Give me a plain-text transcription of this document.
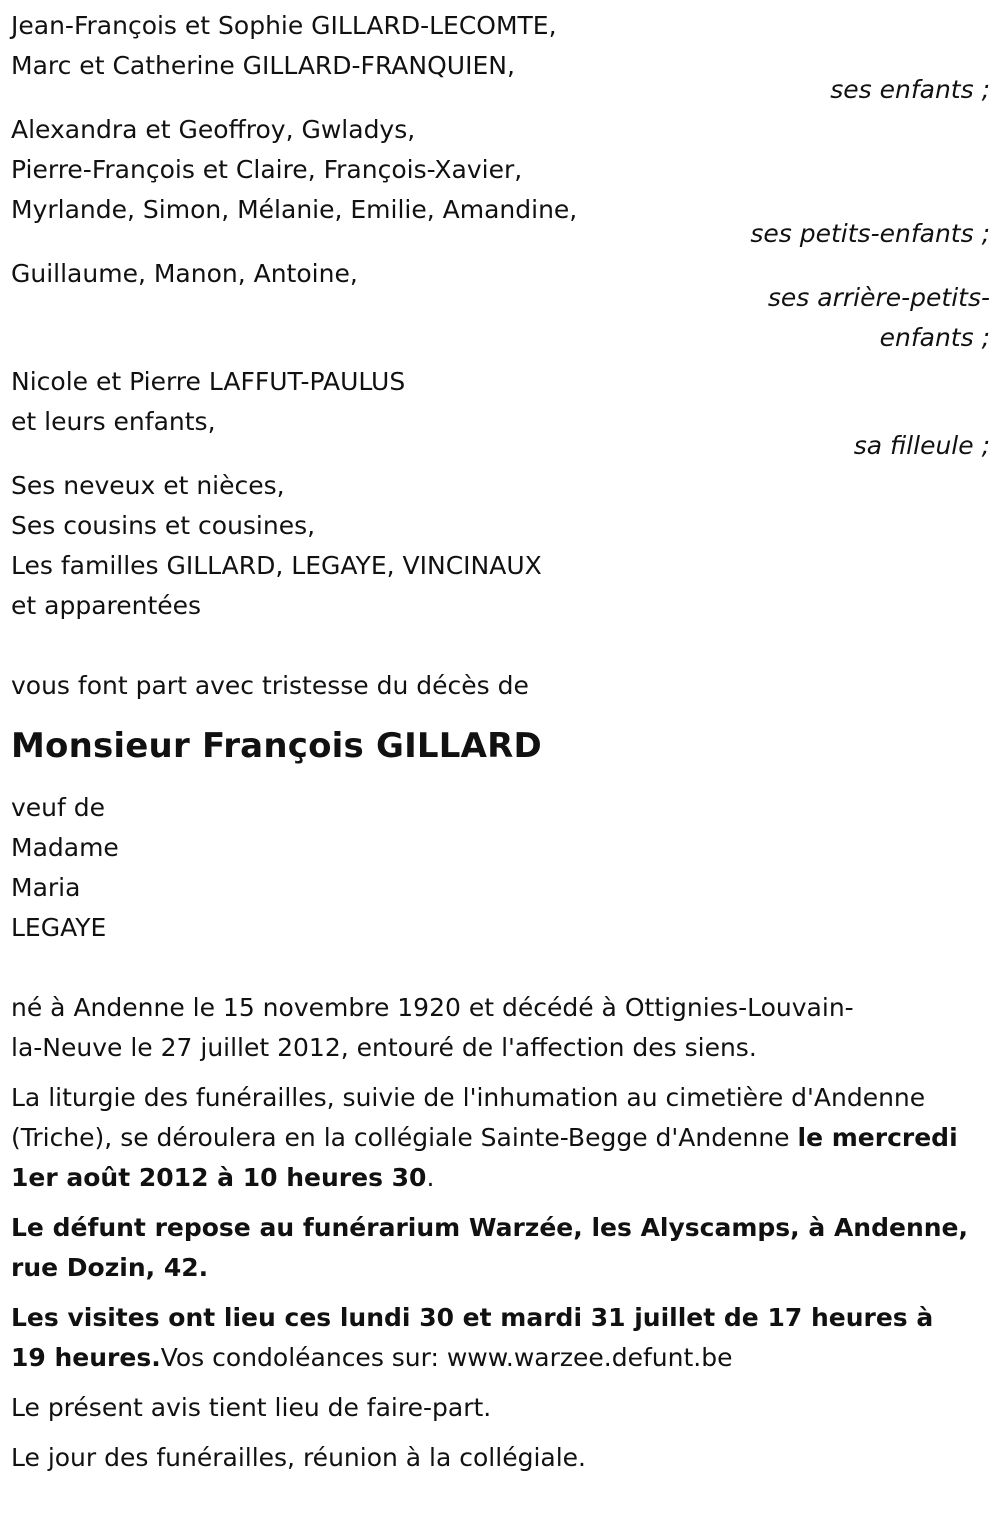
Jean-François et Sophie GILLARD-LECOMTE,
Marc et Catherine GILLARD-FRANQUIEN,
ses enfants ;
Alexandra et Geoffroy, Gwladys,
Pierre-François et Claire, François-Xavier,
Myrlande, Simon, Mélanie, Emilie, Amandine,
ses petits-enfants ;
Guillaume, Manon, Antoine,
ses arrière-petits-
enfants ;
Nicole et Pierre LAFFUT-PAULUS
et leurs enfants,
sa filleule ;
Ses neveux et nièces,
Ses cousins et cousines,
Les familles GILLARD, LEGAYE, VINCINAUX
et apparentées
vous font part avec tristesse du décès de
Monsieur François GILLARD
veuf de
Madame
Maria
LEGAYE
né à Andenne le 15 novembre 1920 et décédé à Ottignies-Louvain-
la-Neuve le 27 juillet 2012, entouré de l'affection des siens.

La liturgie des funérailles, suivie de l'inhumation au cimetière d'Andenne (Triche), se déroulera en la collégiale Sainte-Begge d'Andenne le mercredi 1er août 2012 à 10 heures 30.

Le défunt repose au funérarium Warzée, les Alyscamps, à Andenne, rue Dozin, 42.

Les visites ont lieu ces lundi 30 et mardi 31 juillet de 17 heures à 19 heures.Vos condoléances sur: www.warzee.defunt.be

Le présent avis tient lieu de faire-part.
Le jour des funérailles, réunion à la collégiale.
